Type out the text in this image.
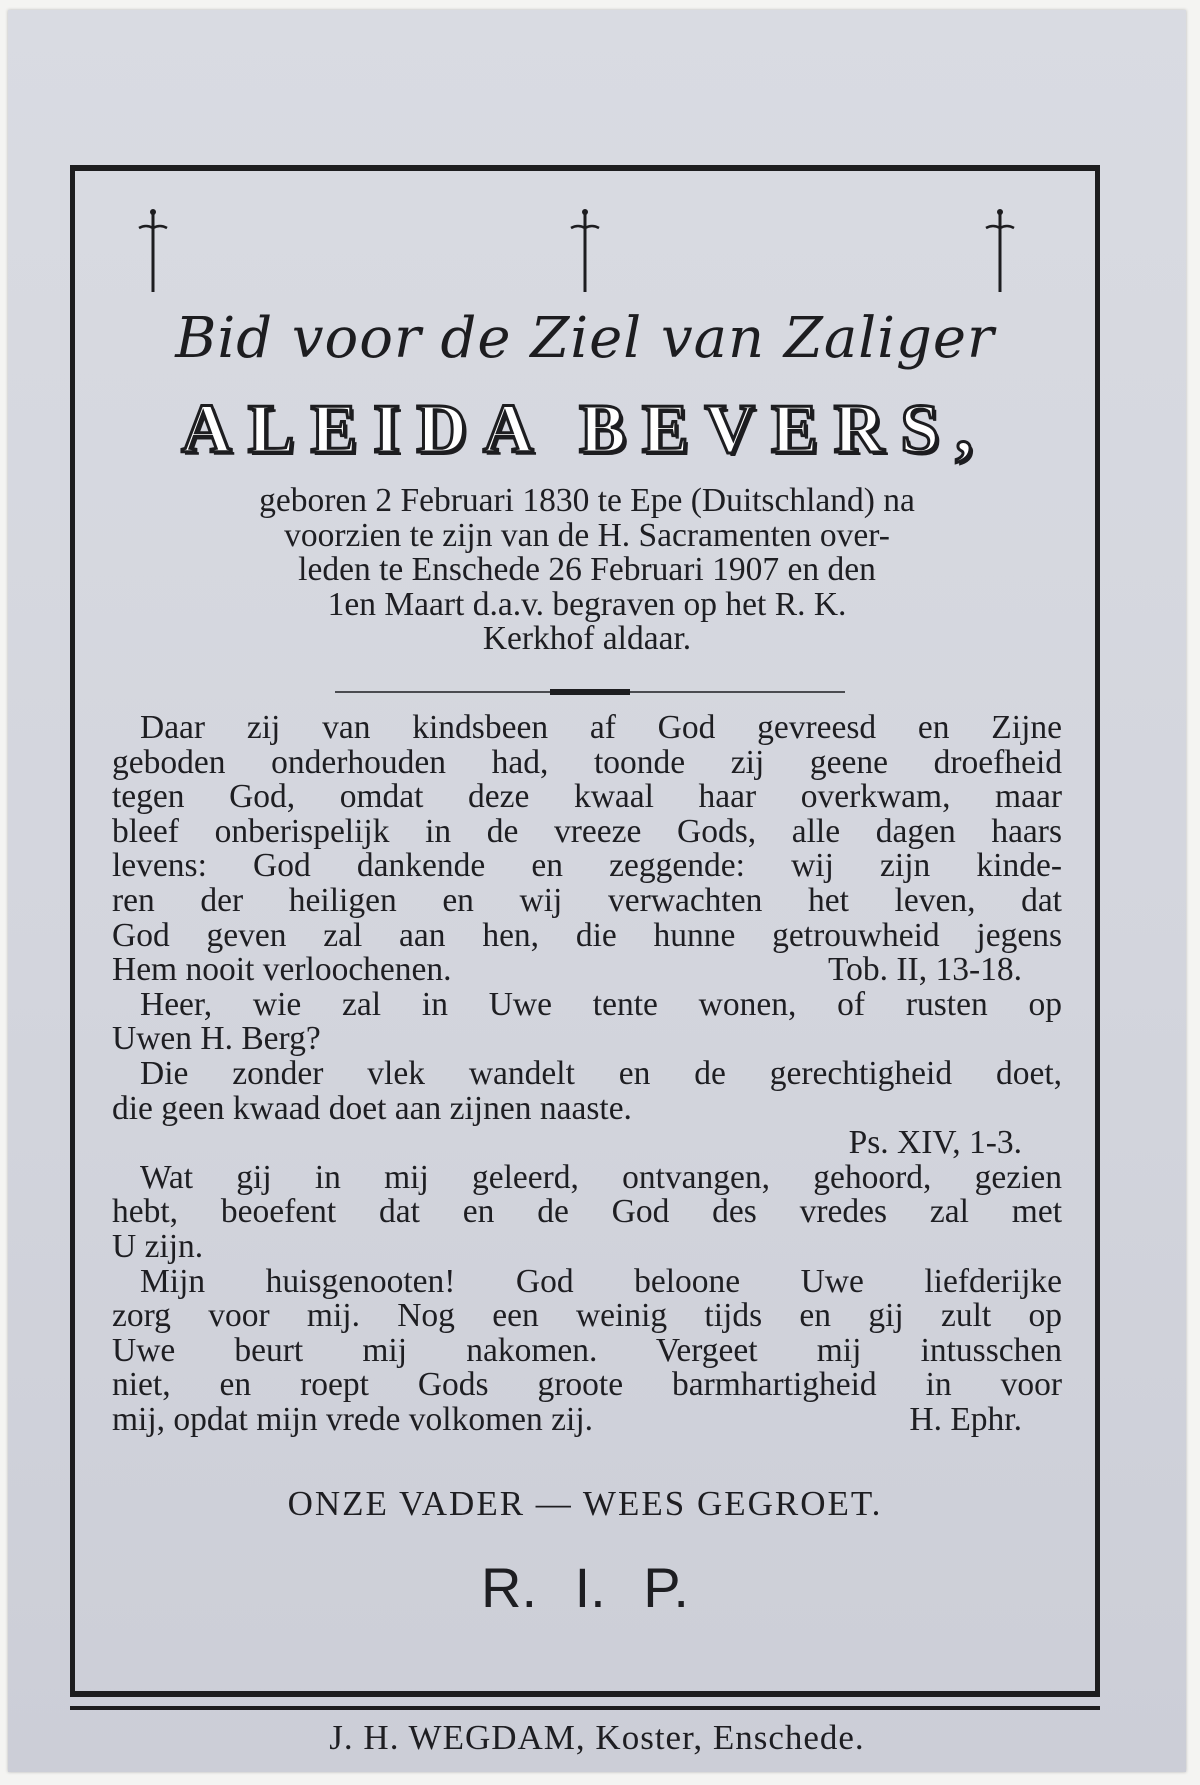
Bid voor de Ziel van Zaliger
ALEIDA BEVERS,
geboren 2 Februari 1830 te Epe (Duitschland) na
voorzien te zijn van de H. Sacramenten over-
leden te Enschede 26 Februari 1907 en den
1en Maart d.a.v. begraven op het R. K.
Kerkhof aldaar.
Daar zij van kindsbeen af God gevreesd en Zijne
geboden onderhouden had, toonde zij geene droefheid
tegen God, omdat deze kwaal haar overkwam, maar
bleef onberispelijk in de vreeze Gods, alle dagen haars
levens: God dankende en zeggende: wij zijn kinde-
ren der heiligen en wij verwachten het leven, dat
God geven zal aan hen, die hunne getrouwheid jegens
Hem nooit verloochenen.	Tob. II, 13-18.
Heer, wie zal in Uwe tente wonen, of rusten op
Uwen H. Berg?
Die zonder vlek wandelt en de gerechtigheid doet,
die geen kwaad doet aan zijnen naaste.
Ps. XIV, 1-3.
Wat gij in mij geleerd, ontvangen, gehoord, gezien
hebt, beoefent dat en de God des vredes zal met
U zijn.
Mijn huisgenooten! God beloone Uwe liefderijke
zorg voor mij. Nog een weinig tijds en gij zult op
Uwe beurt mij nakomen. Vergeet mij intusschen
niet, en roept Gods groote barmhartigheid in voor
mij, opdat mijn vrede volkomen zij.	H. Ephr.
ONZE VADER — WEES GEGROET.
R. I. P.
J. H. WEGDAM, Koster, Enschede.
